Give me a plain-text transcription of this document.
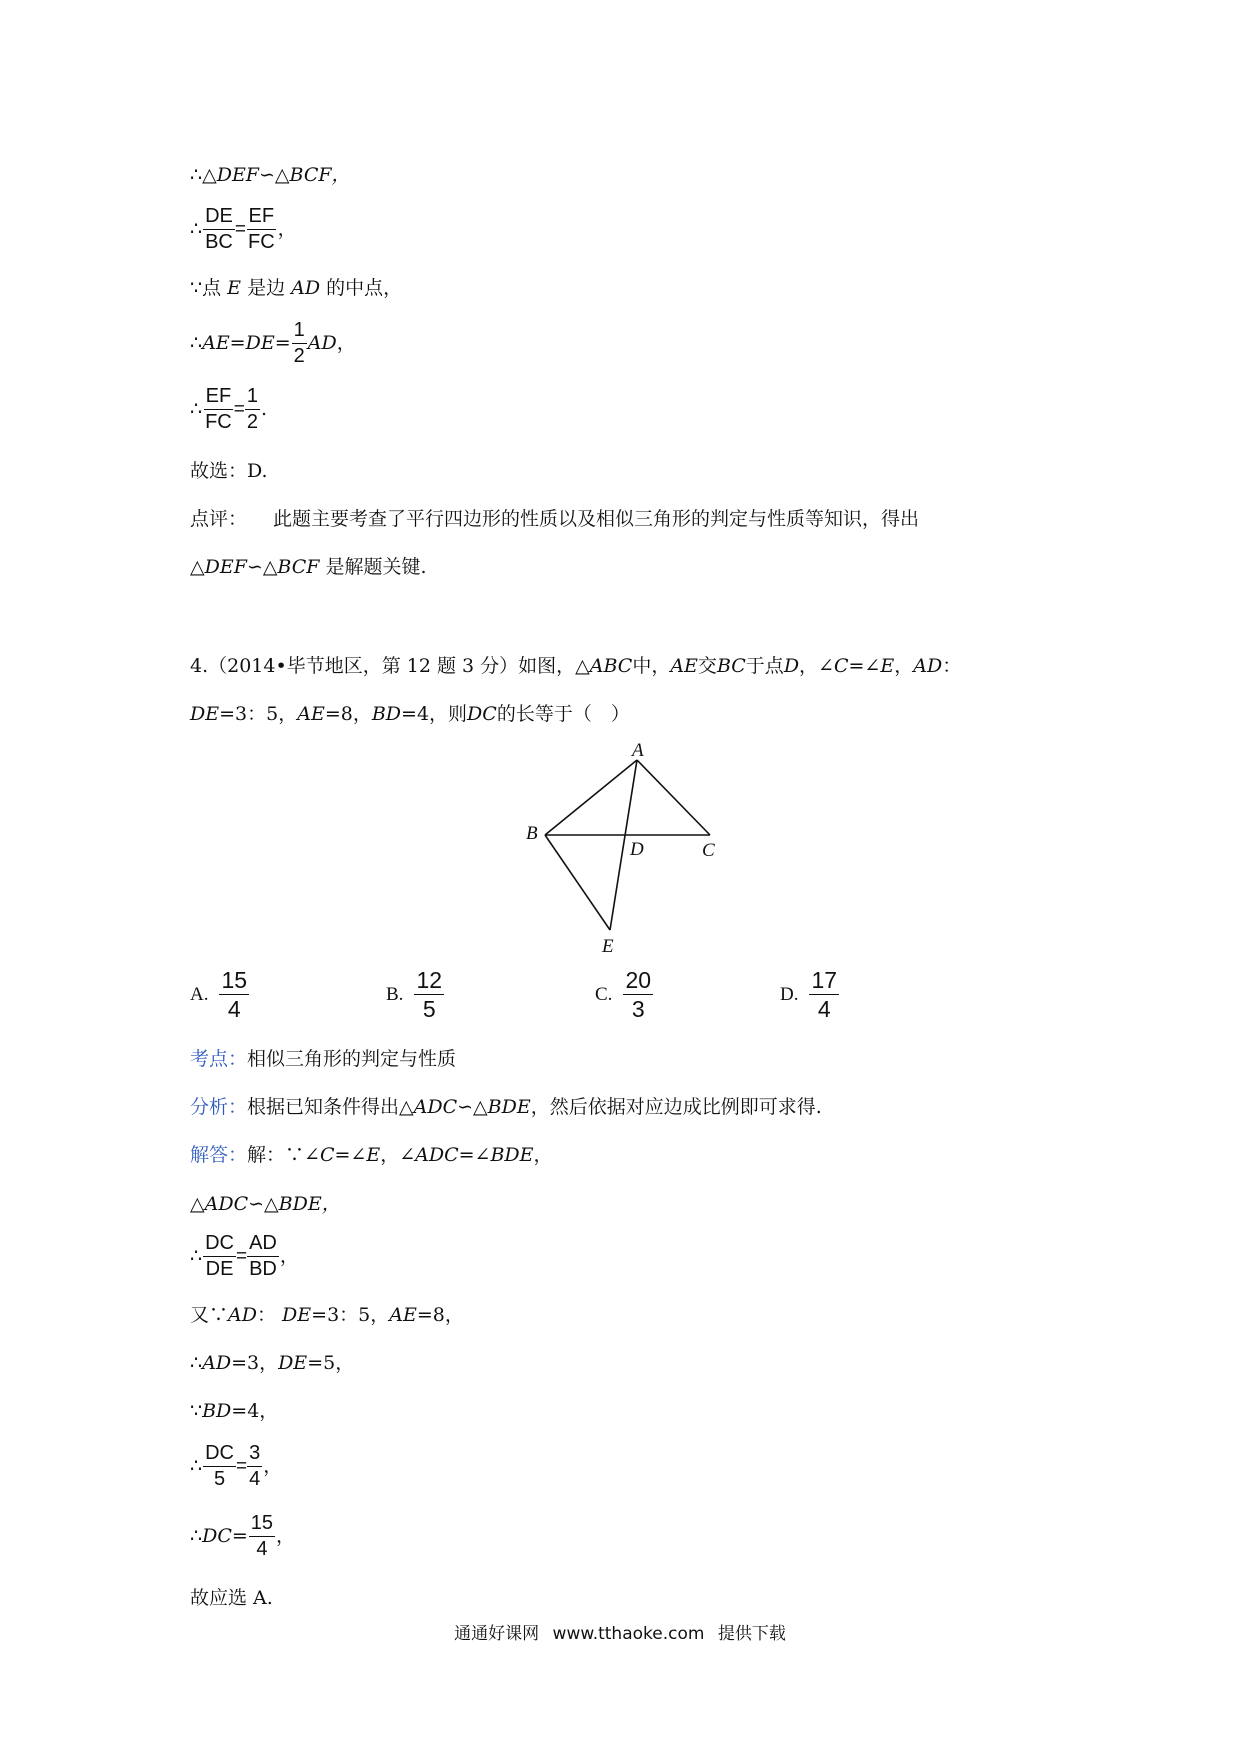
∴ △DEF∽△BCF，
∴ $\frac{DE}{BC} = \frac{EF}{FC}$ ，
∵ 点
E
是边
AD
的中点，
∴ $AE=DE= \frac{1}{2}$ AD ，
∴ $\frac{EF}{FC} = \frac{1}{2}$ .
故选：D.
点评： 此题主要考查了平行四边形的性质以及相似三角形的判定与性质等知识，得出
△DEF∽△BCF
是解题关键.
4.（2014•毕节地区，第 12 题 3 分）如图，△ ABC 中， AE 交 BC 于点 D ，∠ C =∠ E ， AD ：
DE =3：5， AE =8， BD =4，则 DC 的长等于（　）
A
B
C
D
E
A. $\frac{15}{4}$	B. $\frac{12}{5}$	C. $\frac{20}{3}$	D. $\frac{17}{4}$
考点： 相似三角形的判定与性质
分析： 根据已知条件得出△ ADC∽△BDE ，然后依据对应边成比例即可求得.
解答： 解：∵∠ C =∠ E ，∠ ADC =∠ BDE ，
△ADC∽△BDE，
∴ $\frac{DC}{DE} = \frac{AD}{BD}$ ，
又∵ AD ：
DE =3：5， AE =8，
∴ AD =3， DE =5，
∵ BD =4，
∴ $\frac{DC}{5} = \frac{3}{4}$ ，
∴ DC = $\frac{15}{4}$ ，
故应选 A.
通通好课网 www.tthaoke.com 提供下载
